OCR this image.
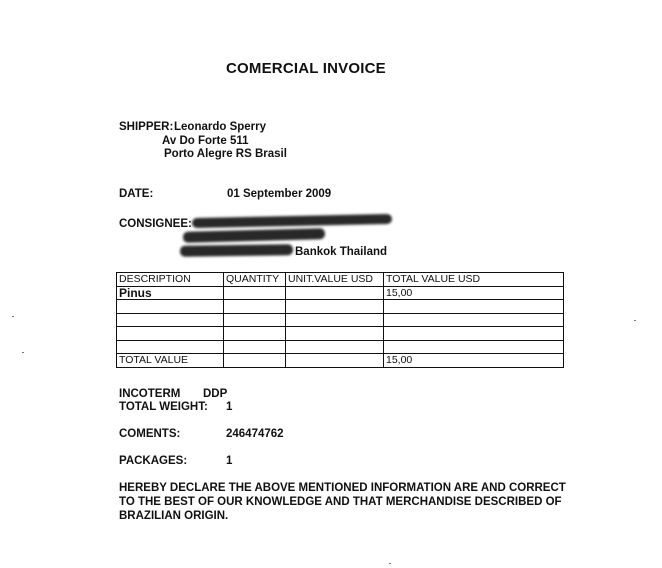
COMERCIAL INVOICE
SHIPPER: Leonardo Sperry
Av Do Forte 511
Porto Alegre RS Brasil
DATE:	01 September 2009
CONSIGNEE:
Bankok Thailand
DESCRIPTION	QUANTITY	UNIT.VALUE USD	TOTAL VALUE USD
Pinus			15,00

TOTAL VALUE			15,00
INCOTERM DDP
TOTAL WEIGHT: 1
COMENTS:	246474762
PACKAGES:	1
HEREBY DECLARE THE ABOVE MENTIONED INFORMATION ARE AND CORRECT
TO THE BEST OF OUR KNOWLEDGE AND THAT MERCHANDISE DESCRIBED OF
BRAZILIAN ORIGIN.
